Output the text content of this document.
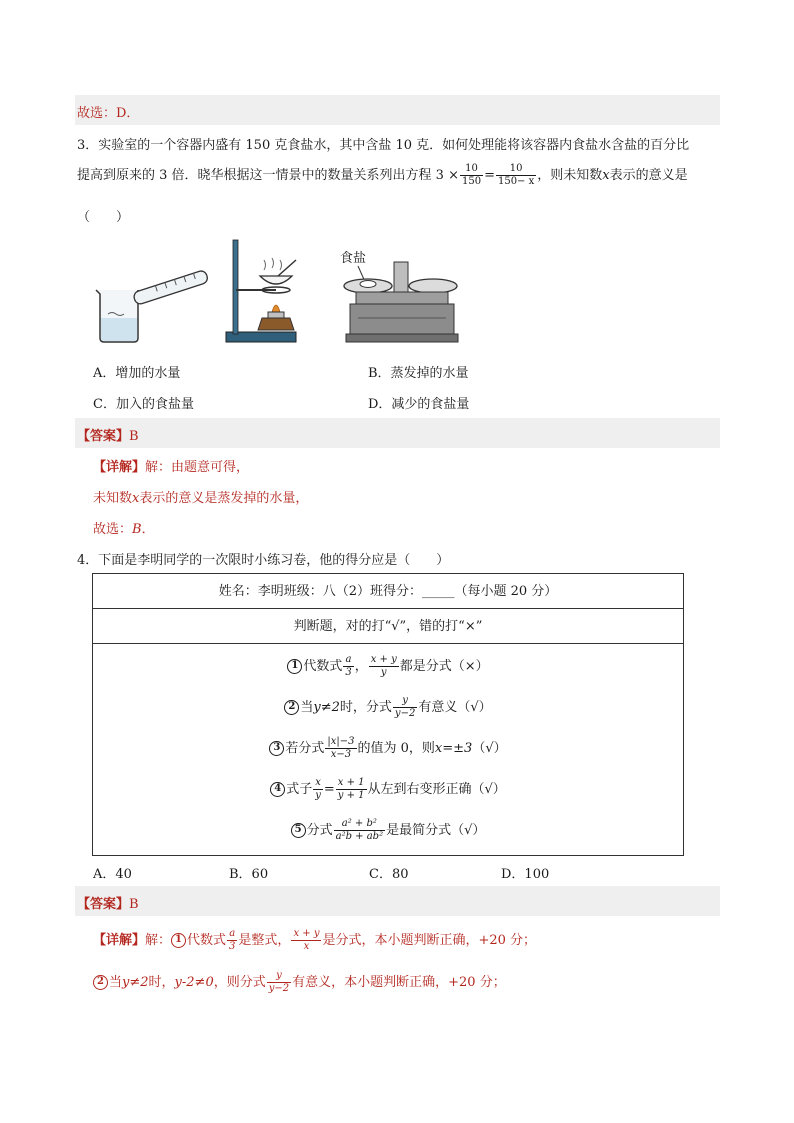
故选：D．
3．实验室的一个容器内盛有 150 克食盐水，其中含盐 10 克．如何处理能将该容器内食盐水含盐的百分比
提高到原来的 3 倍．晓华根据这一情景中的数量关系列出方程 $3 \times \frac{10}{150} = \frac{10}{150- x}$ ，则未知数x表示的意义是
（　　）
食盐
A．增加的水量	B．蒸发掉的水量
C．加入的食盐量	D．减少的食盐量
【答案】B
【详解】解：由题意可得，
未知数x表示的意义是蒸发掉的水量，
故选：B．
4．下面是李明同学的一次限时小练习卷，他的得分应是（　　）
姓名：李明班级：八（2）班得分：_____（每小题 20 分）
判断题，对的打“√”，错的打“×”
1 代数式 $\frac{a}{3}$ ， $\frac{x + y}{y}$ 都是分式（×）
2 当y≠2时，分式 $\frac{y}{y-2}$ 有意义（√）
3 若分式 $\frac{|x|-3}{x-3}$ 的值为 0，则x=±3（√）
4 式子 $\frac{x}{y} = \frac{x + 1}{y + 1}$ 从左到右变形正确（√）
5 分式 $\frac{\text{a² + b²}}{\text{a²b + ab²}}$ 是最简分式（√）
A．40	B．60	C．80	D．100
【答案】B
【详解】解： 1 代数式 $\frac{a}{3}$ 是整式， $\frac{x + y}{x}$ 是分式，本小题判断正确，+20 分；
2 当y≠2时，y-2≠0，则分式 $\frac{y}{y-2}$ 有意义，本小题判断正确，+20 分；
